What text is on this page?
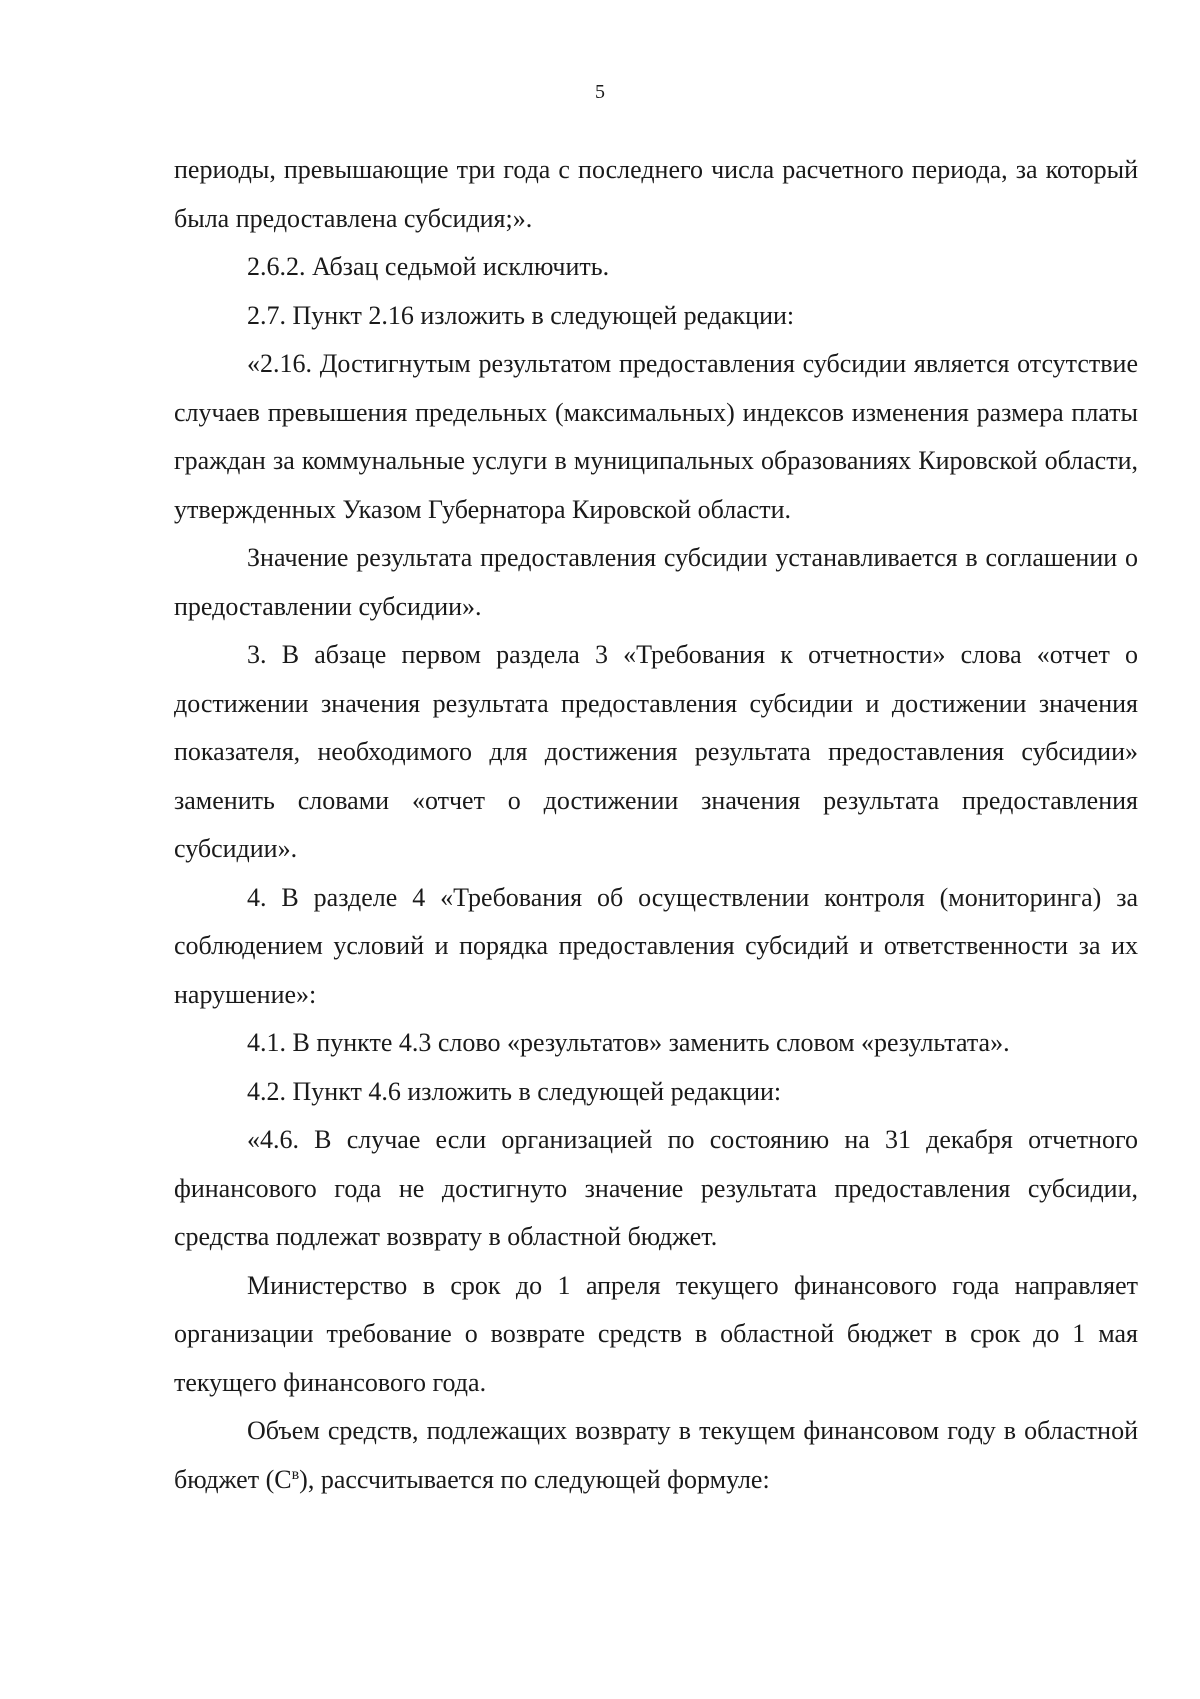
5

периоды, превышающие три года с последнего числа расчетного периода, за который была предоставлена субсидия;».

2.6.2. Абзац седьмой исключить.

2.7. Пункт 2.16 изложить в следующей редакции:

«2.16. Достигнутым результатом предоставления субсидии является отсутствие случаев превышения предельных (максимальных) индексов изменения размера платы граждан за коммунальные услуги в муниципальных образованиях Кировской области, утвержденных Указом Губернатора Кировской области.

Значение результата предоставления субсидии устанавливается в соглашении о предоставлении субсидии».

3. В абзаце первом раздела 3 «Требования к отчетности» слова «отчет о достижении значения результата предоставления субсидии и достижении значения показателя, необходимого для достижения результата предоставления субсидии» заменить словами «отчет о достижении значения результата предоставления субсидии».

4. В разделе 4 «Требования об осуществлении контроля (мониторинга) за соблюдением условий и порядка предоставления субсидий и ответственности за их нарушение»:

4.1. В пункте 4.3 слово «результатов» заменить словом «результата».

4.2. Пункт 4.6 изложить в следующей редакции:

«4.6. В случае если организацией по состоянию на 31 декабря отчетного финансового года не достигнуто значение результата предоставления субсидии, средства подлежат возврату в областной бюджет.

Министерство в срок до 1 апреля текущего финансового года направляет организации требование о возврате средств в областной бюджет в срок до 1 мая текущего финансового года.

Объем средств, подлежащих возврату в текущем финансовом году в областной бюджет $(С^в)$, рассчитывается по следующей формуле:
